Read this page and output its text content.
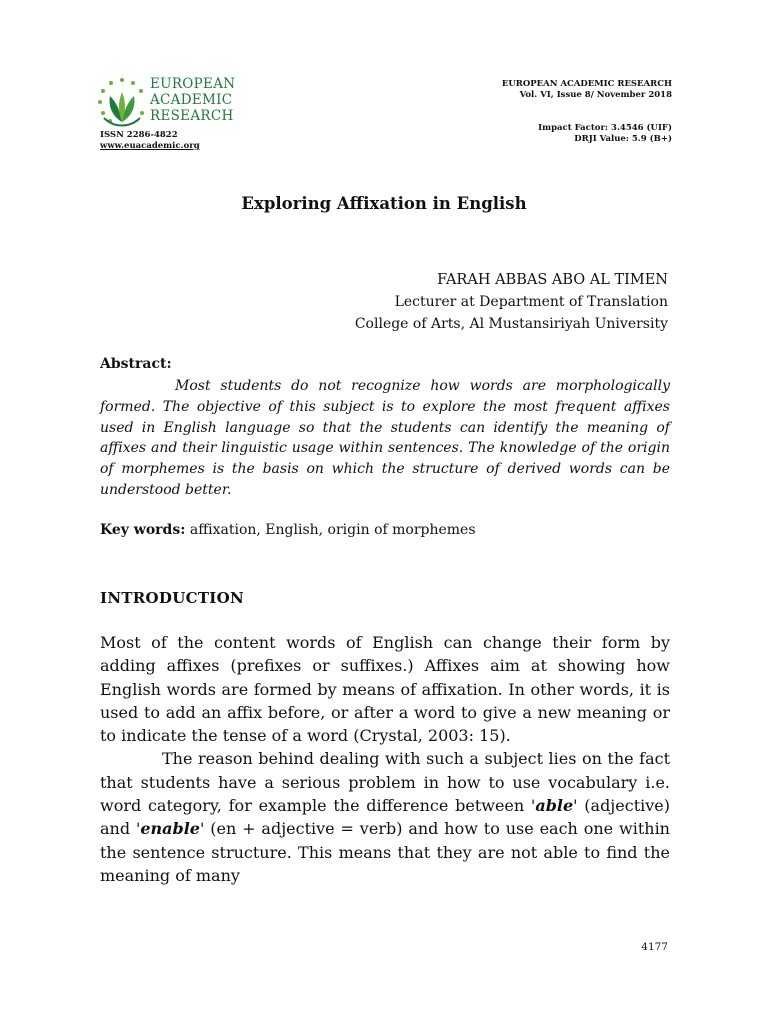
EUROPEAN
ACADEMIC
RESEARCH
ISSN 2286-4822
www.euacademic.org
EUROPEAN ACADEMIC RESEARCH
Vol. VI, Issue 8/ November 2018
Impact Factor: 3.4546 (UIF)
DRJI Value: 5.9 (B+)
Exploring Affixation in English
FARAH ABBAS ABO AL TIMEN
Lecturer at Department of Translation
College of Arts, Al Mustansiriyah University
Abstract:

Most students do not recognize how words are morphologically formed. The objective of this subject is to explore the most frequent affixes used in English language so that the students can identify the meaning of affixes and their linguistic usage within sentences. The knowledge of the origin of morphemes is the basis on which the structure of derived words can be understood better.

Key words: affixation, English, origin of morphemes
INTRODUCTION

Most of the content words of English can change their form by adding affixes (prefixes or suffixes.) Affixes aim at showing how English words are formed by means of affixation. In other words, it is used to add an affix before, or after a word to give a new meaning or to indicate the tense of a word (Crystal, 2003: 15).

The reason behind dealing with such a subject lies on the fact that students have a serious problem in how to use vocabulary i.e. word category, for example the difference between 'able' (adjective) and 'enable' (en + adjective = verb) and how to use each one within the sentence structure. This means that they are not able to find the meaning of many

4177
